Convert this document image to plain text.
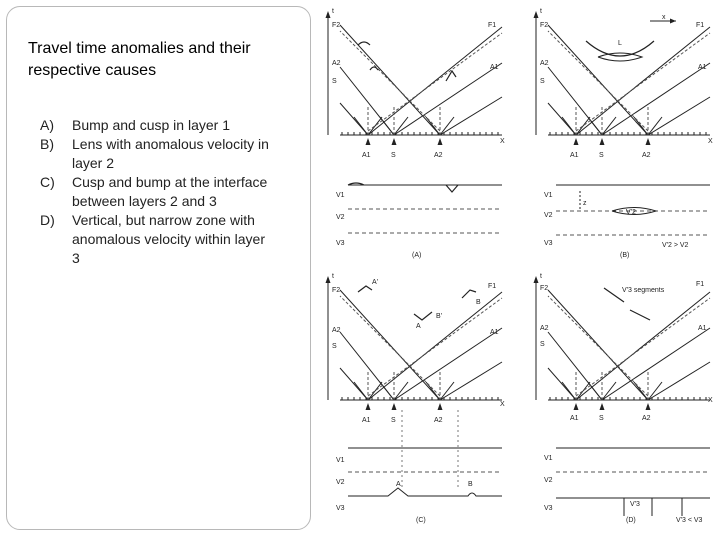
Travel time anomalies and their respective causes
A)	Bump and cusp in layer 1
B)	Lens with anomalous velocity in layer 2
C)	Cusp and bump at the interface between layers 2 and 3
D)	Vertical, but narrow zone with anomalous velocity within layer 3
t
X
F2	F1
A2
A1
S
A1	S	A2
V1
V2
V3
(A)
t
X
F2	F1
A2
A1
S
A1	S	A2
x
L
z
V'2
V1
V2
V3
(B)
V'2 > V2
t
X
F2
A'
F1
B
A
B'
A2	A1
S
A1	S	A2
V1
V2
V3
A	B
(C)
t
X
F2
F1
A2	A1
S
V'3 segments
A1	S	A2
V1
V2
V3
V'3
(D)	V'3 < V3
